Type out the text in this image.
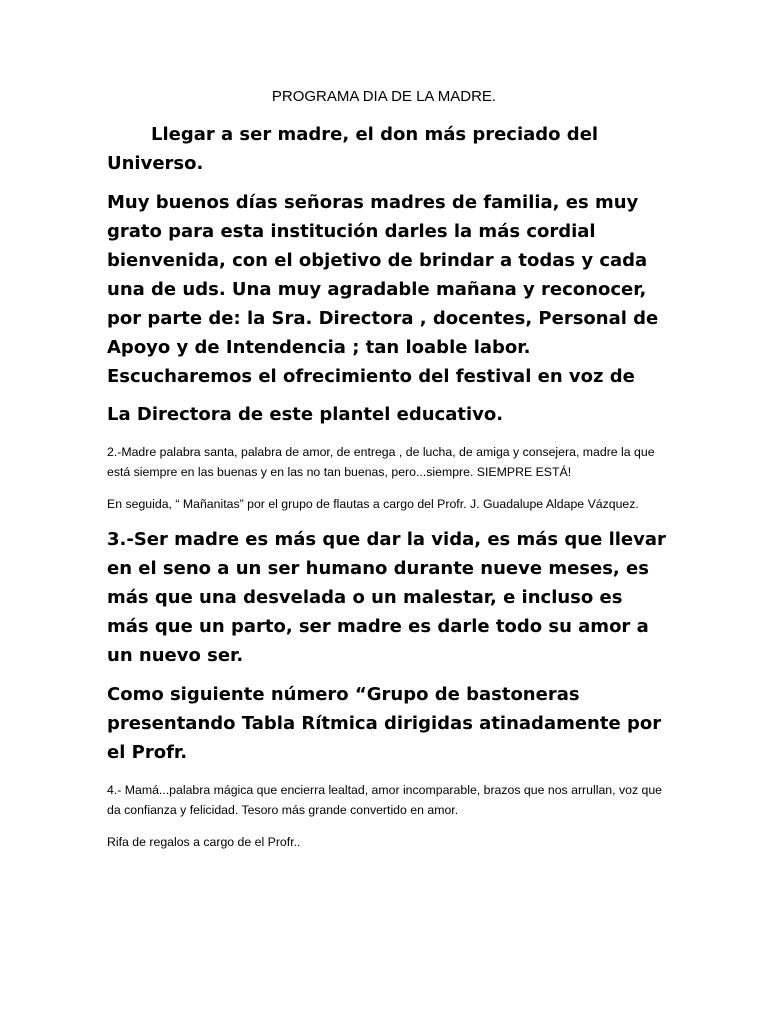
PROGRAMA DIA DE LA MADRE.

Llegar a ser madre, el don más preciado del Universo.

Muy buenos días señoras madres de familia, es muy grato para esta institución darles la más cordial bienvenida, con el objetivo de brindar a todas y cada una de uds. Una muy agradable mañana y reconocer, por parte de: la Sra. Directora , docentes, Personal de Apoyo y de Intendencia ; tan loable labor. Escucharemos el ofrecimiento del festival en voz de

La Directora de este plantel educativo.

2.-Madre palabra santa, palabra de amor, de entrega , de lucha, de amiga y consejera, madre la que está siempre en las buenas y en las no tan buenas, pero...siempre. SIEMPRE ESTÁ!

En seguida, “ Mañanitas” por el grupo de flautas a cargo del Profr. J. Guadalupe Aldape Vázquez.

3.-Ser madre es más que dar la vida, es más que llevar en el seno a un ser humano durante nueve meses, es más que una desvelada o un malestar, e incluso es más que un parto, ser madre es darle todo su amor a un nuevo ser.

Como siguiente número “Grupo de bastoneras presentando Tabla Rítmica dirigidas atinadamente por el Profr.

4.- Mamá...palabra mágica que encierra lealtad, amor incomparable, brazos que nos arrullan, voz que da confianza y felicidad. Tesoro más grande convertido en amor.

Rifa de regalos a cargo de el Profr..
